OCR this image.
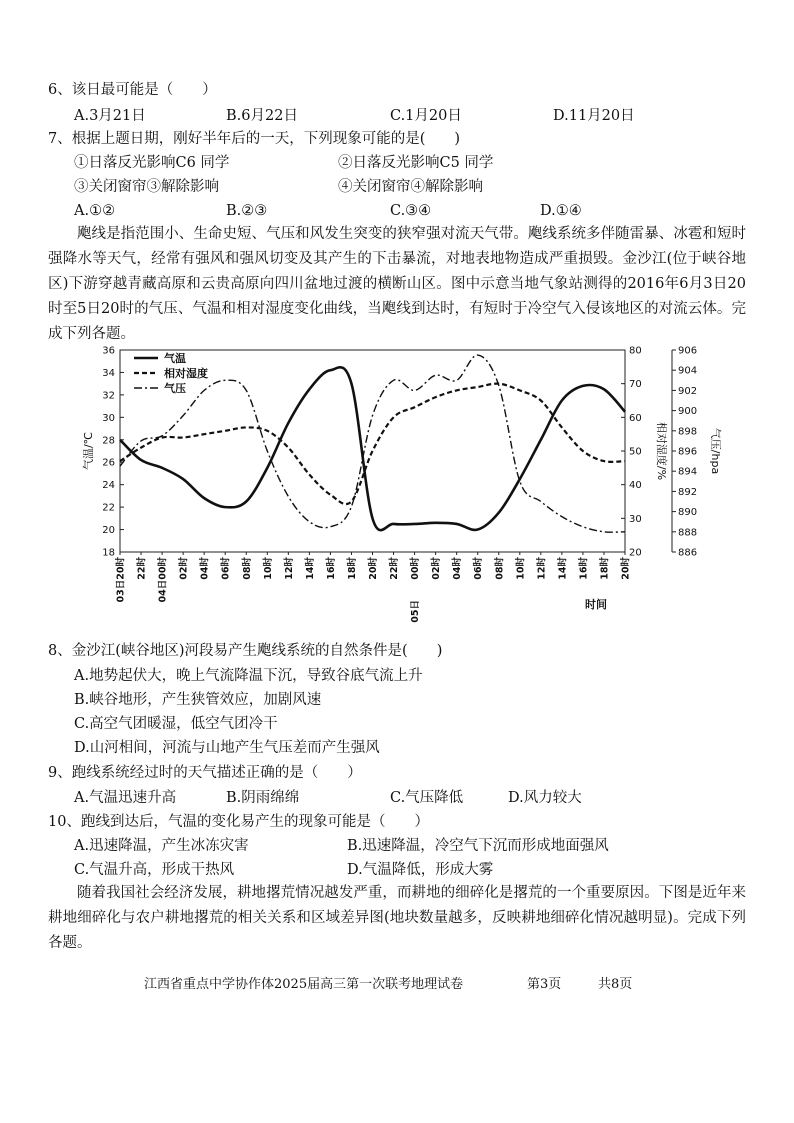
6、该日最可能是（　　）
A.3月21日	B.6月22日	C.1月20日	D.11月20日
7、根据上题日期，刚好半年后的一天，下列现象可能的是(　　)
①日落反光影响C6 同学	②日落反光影响C5 同学
③关闭窗帘③解除影响	④关闭窗帘④解除影响
A.①②	B.②③	C.③④	D.①④
飑线是指范围小、生命史短、气压和风发生突变的狭窄强对流天气带。飑线系统多伴随雷暴、冰雹和短时强降水等天气，经常有强风和强风切变及其产生的下击暴流，对地表地物造成严重损毁。金沙江(位于峡谷地区)下游穿越青藏高原和云贵高原向四川盆地过渡的横断山区。图中示意当地气象站测得的2016年6月3日20时至5日20时的气压、气温和相对湿度变化曲线，当飑线到达时，有短时于冷空气入侵该地区的对流云体。完成下列各题。
18
20
22
24
26
28
30
32
34
36
气温/℃
20
30
40
50
60
70
80
相对湿度/%
886
888
890
892
894
896
898
900
902
904
906
气压/hpa
03日20时 22时 04日00时 02时 04时 06时 08时 10时 12时 14时 16时 18时 20时 22时 00时 02时 04时 06时 08时 10时 12时 14时 16时 18时 20时
05日	时间
气温
相对湿度
气压
8、金沙江(峡谷地区)河段易产生飑线系统的自然条件是(　　)
A.地势起伏大，晚上气流降温下沉，导致谷底气流上升
B.峡谷地形，产生狭管效应，加剧风速
C.高空气团暖湿，低空气团冷干
D.山河相间，河流与山地产生气压差而产生强风
9、跑线系统经过时的天气描述正确的是（　　）
A.气温迅速升高	B.阴雨绵绵	C.气压降低	D.风力较大
10、跑线到达后，气温的变化易产生的现象可能是（　　）
A.迅速降温，产生冰冻灾害	B.迅速降温，冷空气下沉而形成地面强风
C.气温升高，形成干热风	D.气温降低，形成大雾
随着我国社会经济发展，耕地撂荒情况越发严重，而耕地的细碎化是撂荒的一个重要原因。下图是近年来耕地细碎化与农户耕地撂荒的相关关系和区域差异图(地块数量越多，反映耕地细碎化情况越明显)。完成下列各题。
江西省重点中学协作体2025届高三第一次联考地理试卷	第3页	共8页
